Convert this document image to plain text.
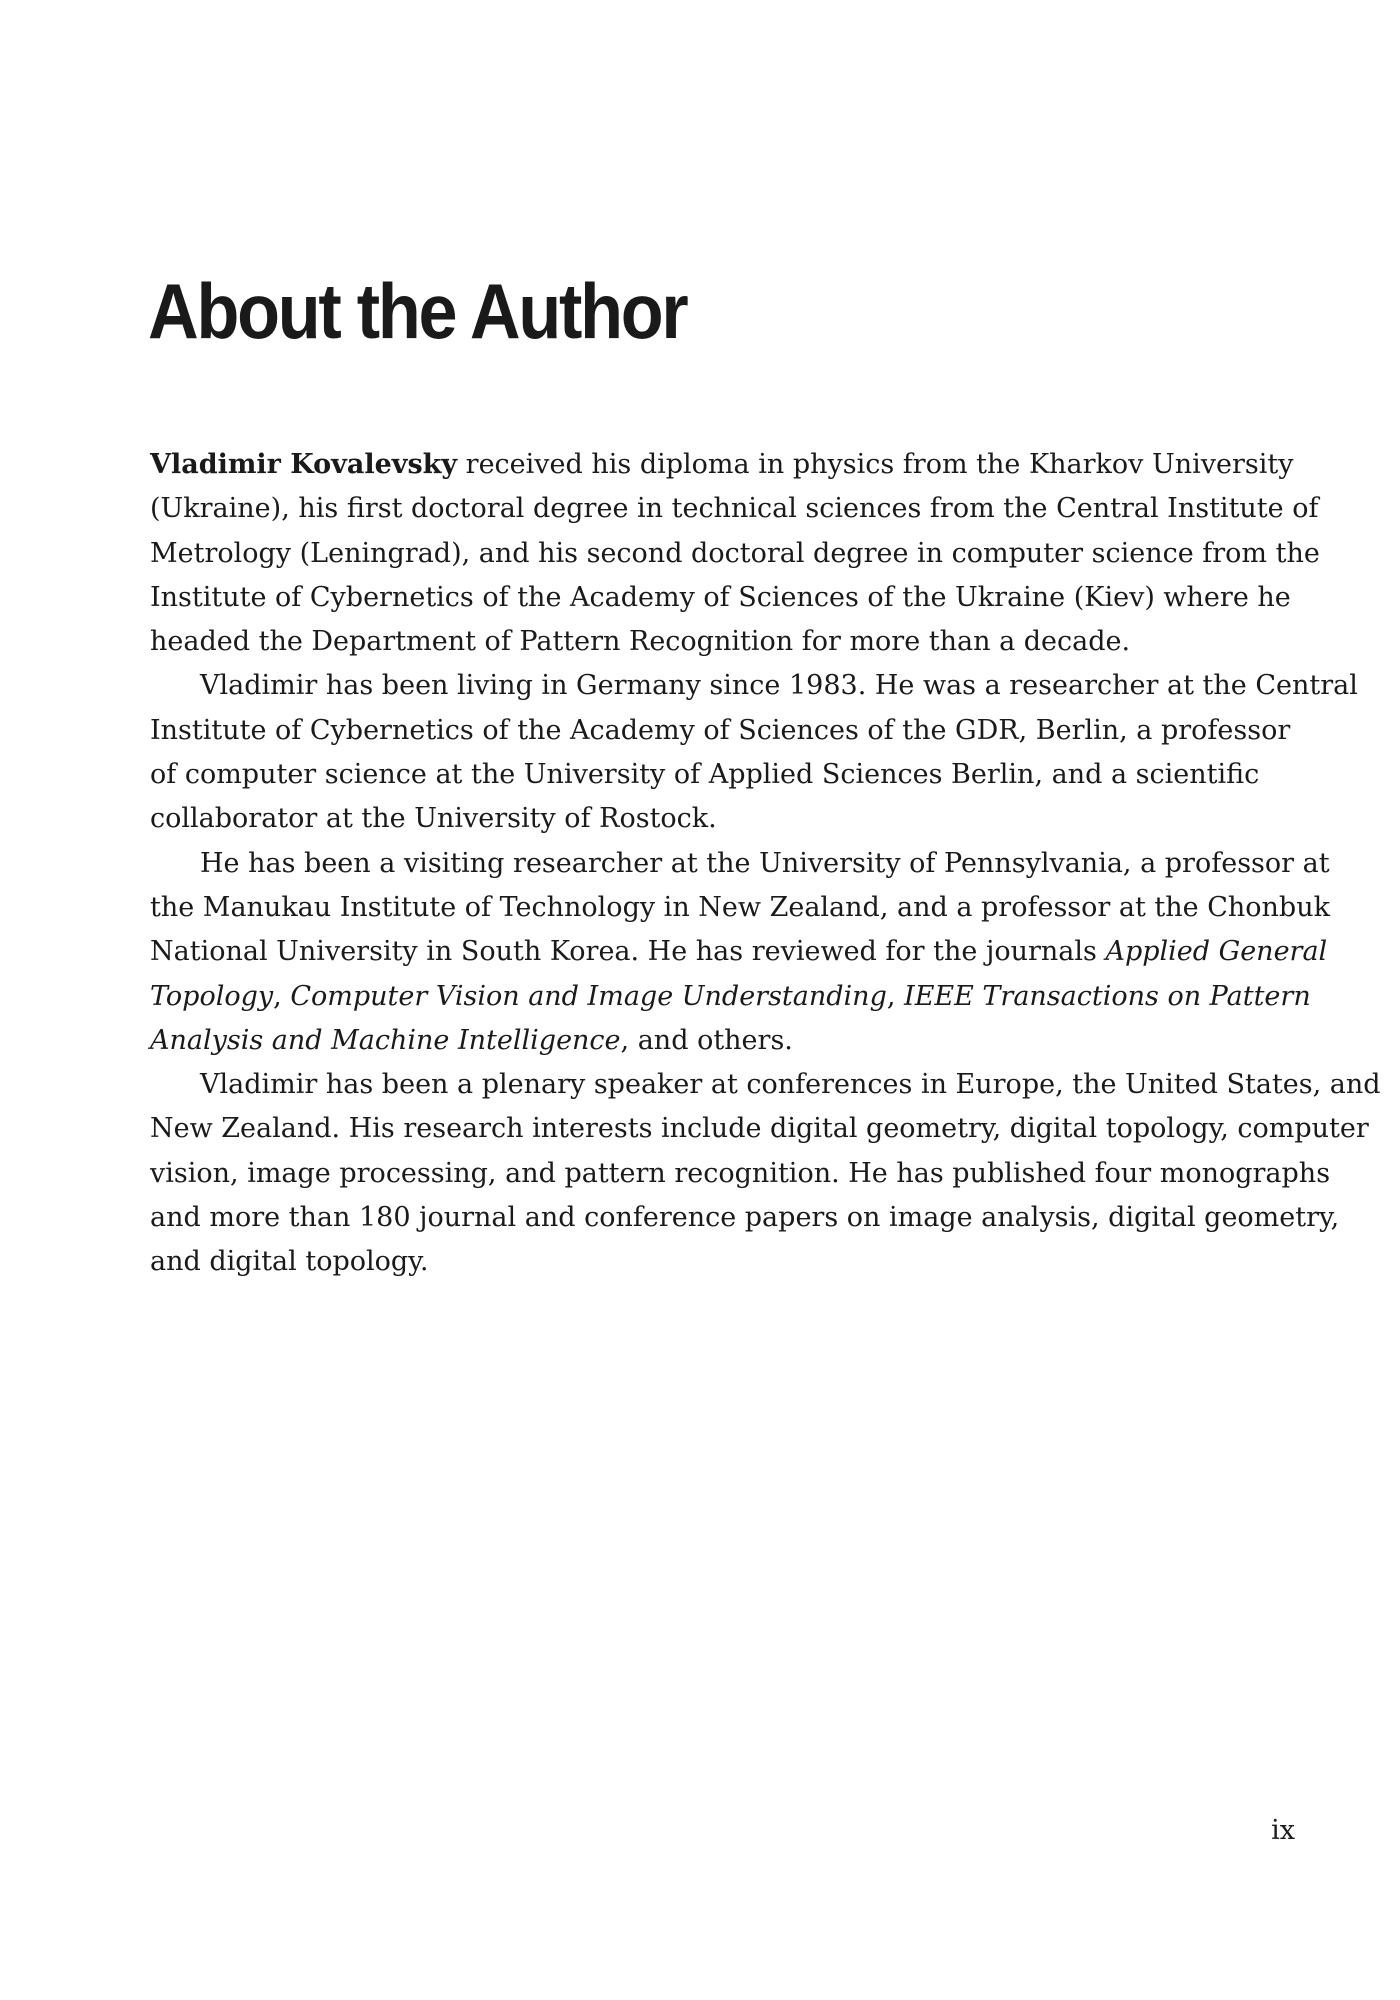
About the Author

Vladimir Kovalevsky received his diploma in physics from the Kharkov University
(Ukraine), his first doctoral degree in technical sciences from the Central Institute of
Metrology (Leningrad), and his second doctoral degree in computer science from the
Institute of Cybernetics of the Academy of Sciences of the Ukraine (Kiev) where he
headed the Department of Pattern Recognition for more than a decade.

Vladimir has been living in Germany since 1983. He was a researcher at the Central
Institute of Cybernetics of the Academy of Sciences of the GDR, Berlin, a professor
of computer science at the University of Applied Sciences Berlin, and a scientific
collaborator at the University of Rostock.

He has been a visiting researcher at the University of Pennsylvania, a professor at
the Manukau Institute of Technology in New Zealand, and a professor at the Chonbuk
National University in South Korea. He has reviewed for the journals Applied General
Topology, Computer Vision and Image Understanding, IEEE Transactions on Pattern
Analysis and Machine Intelligence, and others.

Vladimir has been a plenary speaker at conferences in Europe, the United States, and
New Zealand. His research interests include digital geometry, digital topology, computer
vision, image processing, and pattern recognition. He has published four monographs
and more than 180 journal and conference papers on image analysis, digital geometry,
and digital topology.

ix
